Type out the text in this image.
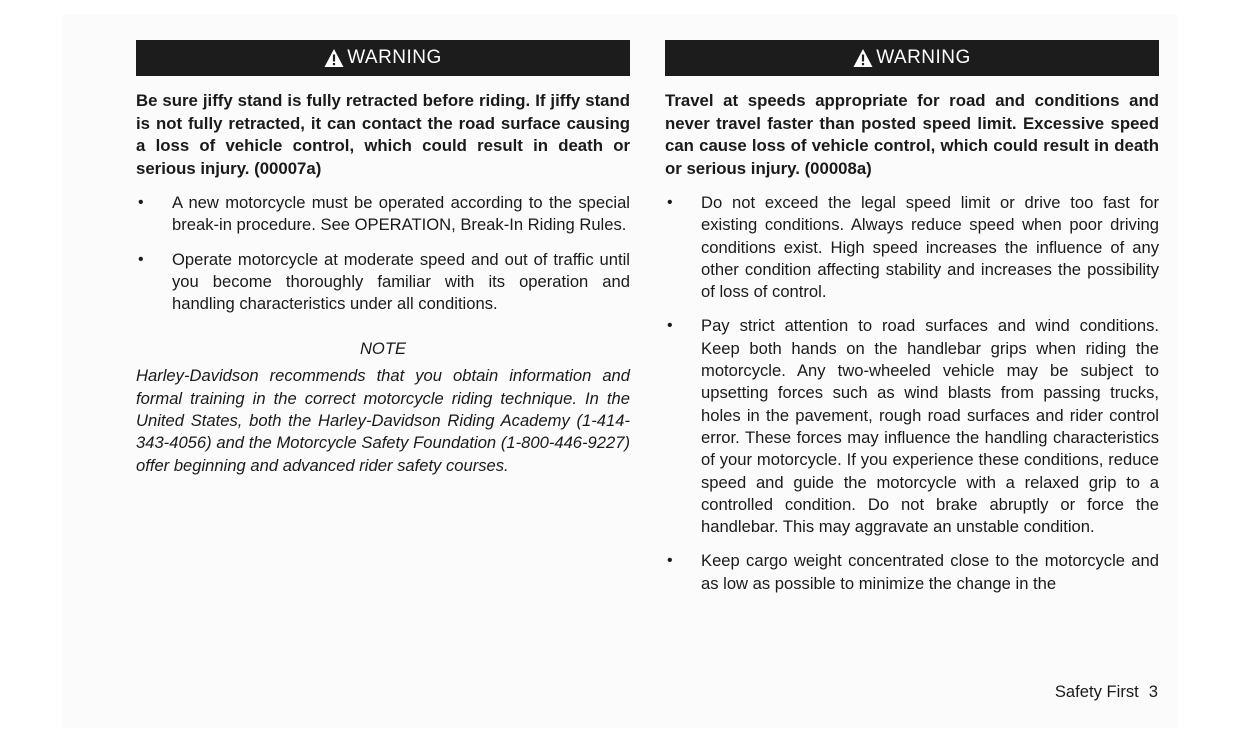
WARNING

Be sure jiffy stand is fully retracted before riding. If jiffy stand is not fully retracted, it can contact the road surface causing a loss of vehicle control, which could result in death or serious injury. (00007a)

• A new motorcycle must be operated according to the special break-in procedure. See OPERATION, Break-In Riding Rules.
• Operate motorcycle at moderate speed and out of traffic until you become thoroughly familiar with its operation and handling characteristics under all conditions.
NOTE
Harley-Davidson recommends that you obtain information and formal training in the correct motorcycle riding technique. In the United States, both the Harley-Davidson Riding Academy (1-414-343-4056) and the Motorcycle Safety Foundation (1-800-446-9227) offer beginning and advanced rider safety courses.
WARNING

Travel at speeds appropriate for road and conditions and never travel faster than posted speed limit. Excessive speed can cause loss of vehicle control, which could result in death or serious injury. (00008a)

• Do not exceed the legal speed limit or drive too fast for existing conditions. Always reduce speed when poor driving conditions exist. High speed increases the influence of any other condition affecting stability and increases the possibility of loss of control.
• Pay strict attention to road surfaces and wind conditions. Keep both hands on the handlebar grips when riding the motorcycle. Any two-wheeled vehicle may be subject to upsetting forces such as wind blasts from passing trucks, holes in the pavement, rough road surfaces and rider control error. These forces may influence the handling characteristics of your motorcycle. If you experience these conditions, reduce speed and guide the motorcycle with a relaxed grip to a controlled condition. Do not brake abruptly or force the handlebar. This may aggravate an unstable condition.
• Keep cargo weight concentrated close to the motorcycle and as low as possible to minimize the change in the
Safety First 3
